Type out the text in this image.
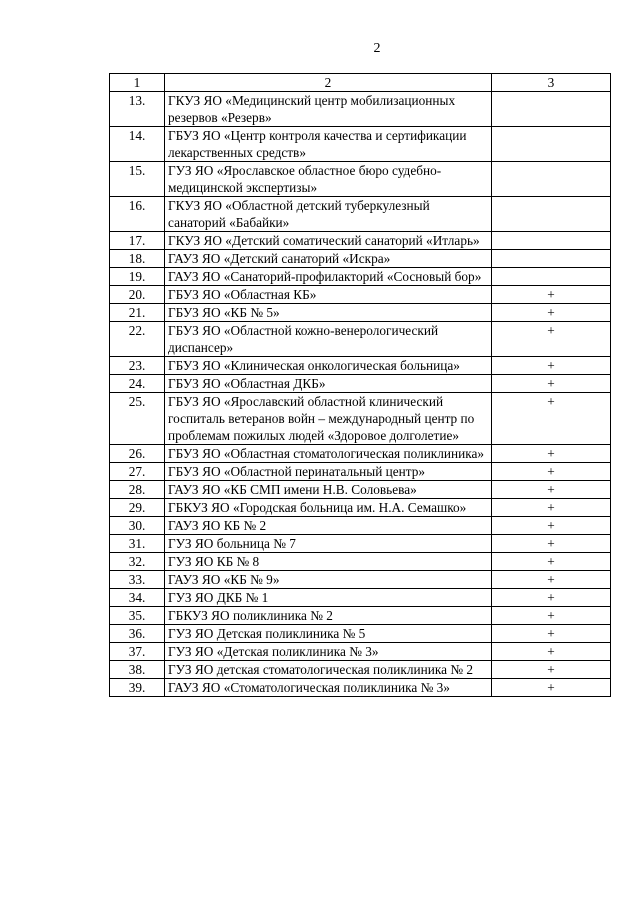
2
1	2	3
13.	ГКУЗ ЯО «Медицинский центр мобилизационных резервов «Резерв»	
14.	ГБУЗ ЯО «Центр контроля качества и сертификации лекарственных средств»	
15.	ГУЗ ЯО «Ярославское областное бюро судебно-медицинской экспертизы»	
16.	ГКУЗ ЯО «Областной детский туберкулезный санаторий «Бабайки»	
17.	ГКУЗ ЯО «Детский соматический санаторий «Итларь»	
18.	ГАУЗ ЯО «Детский санаторий «Искра»	
19.	ГАУЗ ЯО «Санаторий-профилакторий «Сосновый бор»	
20.	ГБУЗ ЯО «Областная КБ»	+
21.	ГБУЗ ЯО «КБ № 5»	+
22.	ГБУЗ ЯО «Областной кожно-венерологический диспансер»	+
23.	ГБУЗ ЯО «Клиническая онкологическая больница»	+
24.	ГБУЗ ЯО «Областная ДКБ»	+
25.	ГБУЗ ЯО «Ярославский областной клинический госпиталь ветеранов войн – международный центр по проблемам пожилых людей «Здоровое долголетие»	+
26.	ГБУЗ ЯО «Областная стоматологическая поликлиника»	+
27.	ГБУЗ ЯО «Областной перинатальный центр»	+
28.	ГАУЗ ЯО «КБ СМП имени Н.В. Соловьева»	+
29.	ГБКУЗ ЯО «Городская больница им. Н.А. Семашко»	+
30.	ГАУЗ ЯО КБ № 2	+
31.	ГУЗ ЯО больница № 7	+
32.	ГУЗ ЯО КБ № 8	+
33.	ГАУЗ ЯО «КБ № 9»	+
34.	ГУЗ ЯО ДКБ № 1	+
35.	ГБКУЗ ЯО поликлиника № 2	+
36.	ГУЗ ЯО Детская поликлиника № 5	+
37.	ГУЗ ЯО «Детская поликлиника № 3»	+
38.	ГУЗ ЯО детская стоматологическая поликлиника № 2	+
39.	ГАУЗ ЯО «Стоматологическая поликлиника № 3»	+
